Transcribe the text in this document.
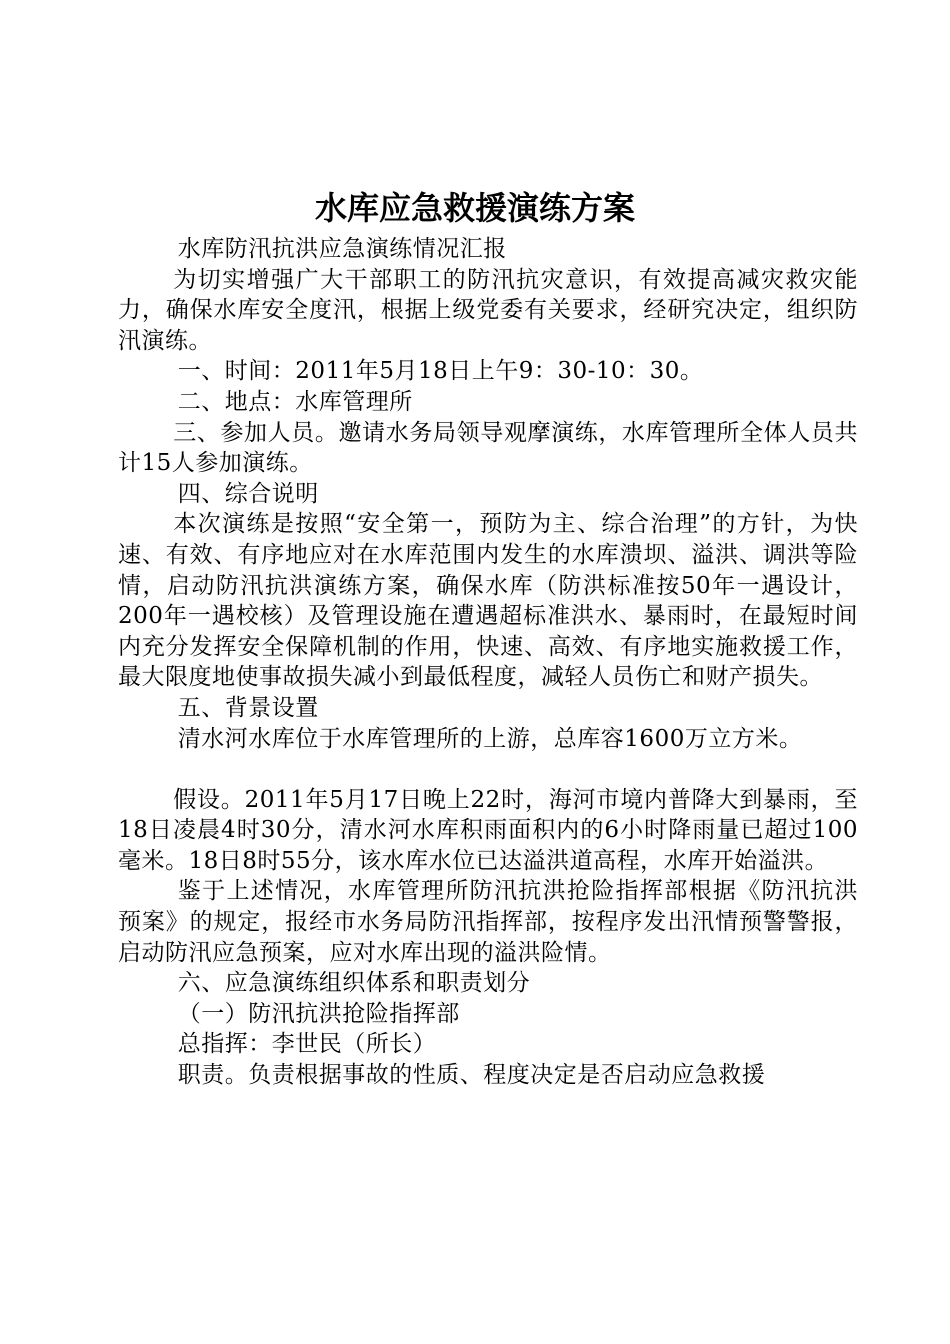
水库应急救援演练方案

水库防汛抗洪应急演练情况汇报

为切实增强广大干部职工的防汛抗灾意识，有效提高减灾救灾能力，确保水库安全度汛，根据上级党委有关要求，经研究决定，组织防汛演练。

一、时间：2011年5月18日上午9：30-10：30。

二、地点：水库管理所

三、参加人员。邀请水务局领导观摩演练，水库管理所全体人员共计15人参加演练。

四、综合说明

本次演练是按照“安全第一，预防为主、综合治理”的方针，为快速、有效、有序地应对在水库范围内发生的水库溃坝、溢洪、调洪等险情，启动防汛抗洪演练方案，确保水库（防洪标准按50年一遇设计，200年一遇校核）及管理设施在遭遇超标准洪水、暴雨时，在最短时间内充分发挥安全保障机制的作用，快速、高效、有序地实施救援工作，最大限度地使事故损失减小到最低程度，减轻人员伤亡和财产损失。

五、背景设置

清水河水库位于水库管理所的上游，总库容1600万立方米。

假设。2011年5月17日晚上22时，海河市境内普降大到暴雨，至18日凌晨4时30分，清水河水库积雨面积内的6小时降雨量已超过100毫米。18日8时55分，该水库水位已达溢洪道高程，水库开始溢洪。

鉴于上述情况，水库管理所防汛抗洪抢险指挥部根据《防汛抗洪预案》的规定，报经市水务局防汛指挥部，按程序发出汛情预警警报，启动防汛应急预案，应对水库出现的溢洪险情。

六、应急演练组织体系和职责划分

（一）防汛抗洪抢险指挥部

总指挥：李世民（所长）

职责。负责根据事故的性质、程度决定是否启动应急救援
